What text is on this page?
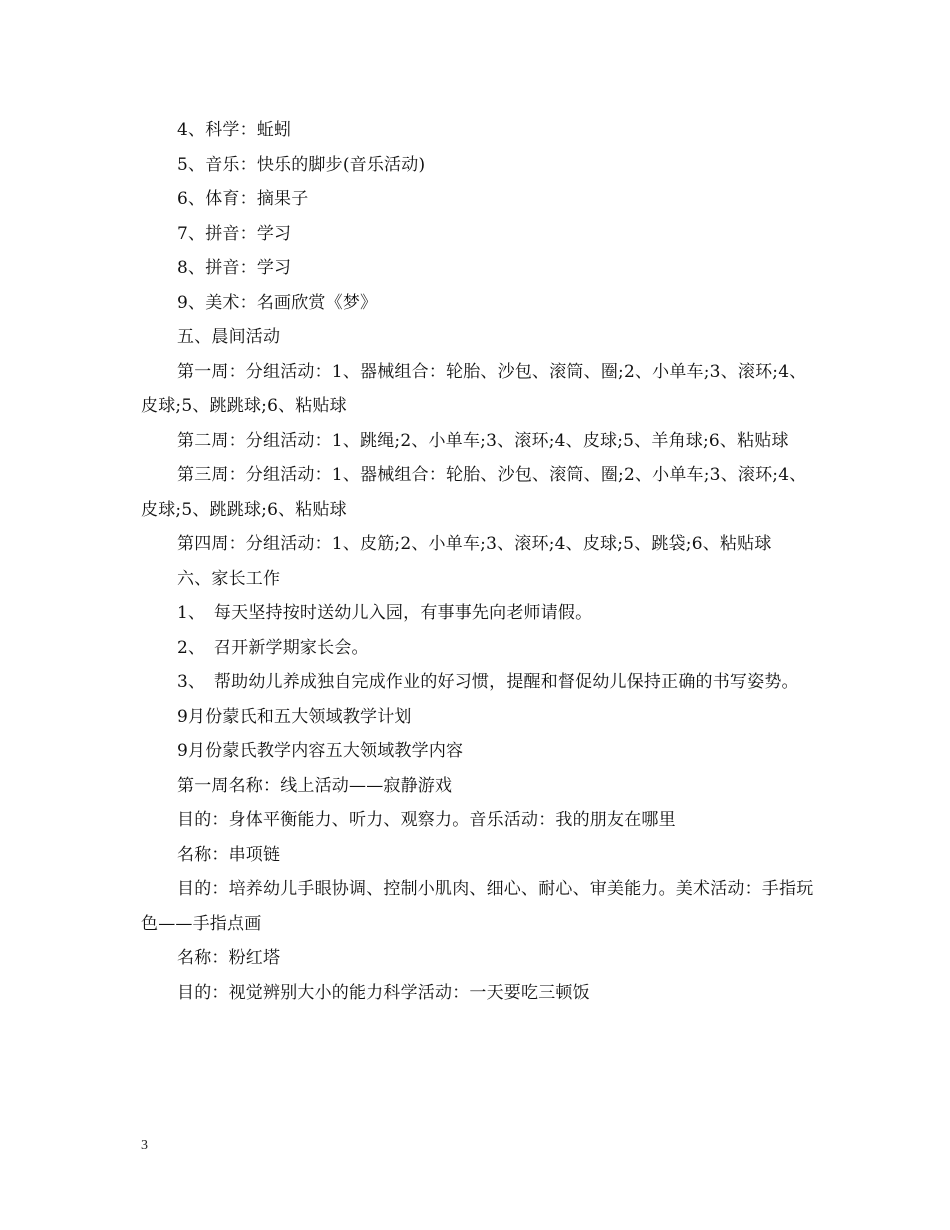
4、科学：蚯蚓

5、音乐：快乐的脚步(音乐活动)

6、体育：摘果子

7、拼音：学习

8、拼音：学习

9、美术：名画欣赏《梦》

五、晨间活动

第一周：分组活动：1、器械组合：轮胎、沙包、滚筒、圈;2、小单车;3、滚环;4、皮球;5、跳跳球;6、粘贴球

第二周：分组活动：1、跳绳;2、小单车;3、滚环;4、皮球;5、羊角球;6、粘贴球

第三周：分组活动：1、器械组合：轮胎、沙包、滚筒、圈;2、小单车;3、滚环;4、皮球;5、跳跳球;6、粘贴球

第四周：分组活动：1、皮筋;2、小单车;3、滚环;4、皮球;5、跳袋;6、粘贴球

六、家长工作

1、　每天坚持按时送幼儿入园，有事事先向老师请假。

2、　召开新学期家长会。

3、　帮助幼儿养成独自完成作业的好习惯，提醒和督促幼儿保持正确的书写姿势。

9月份蒙氏和五大领域教学计划

9月份蒙氏教学内容五大领域教学内容

第一周名称：线上活动——寂静游戏

目的：身体平衡能力、听力、观察力。音乐活动：我的朋友在哪里

名称：串项链

目的：培养幼儿手眼协调、控制小肌肉、细心、耐心、审美能力。美术活动：手指玩色——手指点画

名称：粉红塔

目的：视觉辨别大小的能力科学活动：一天要吃三顿饭

3
